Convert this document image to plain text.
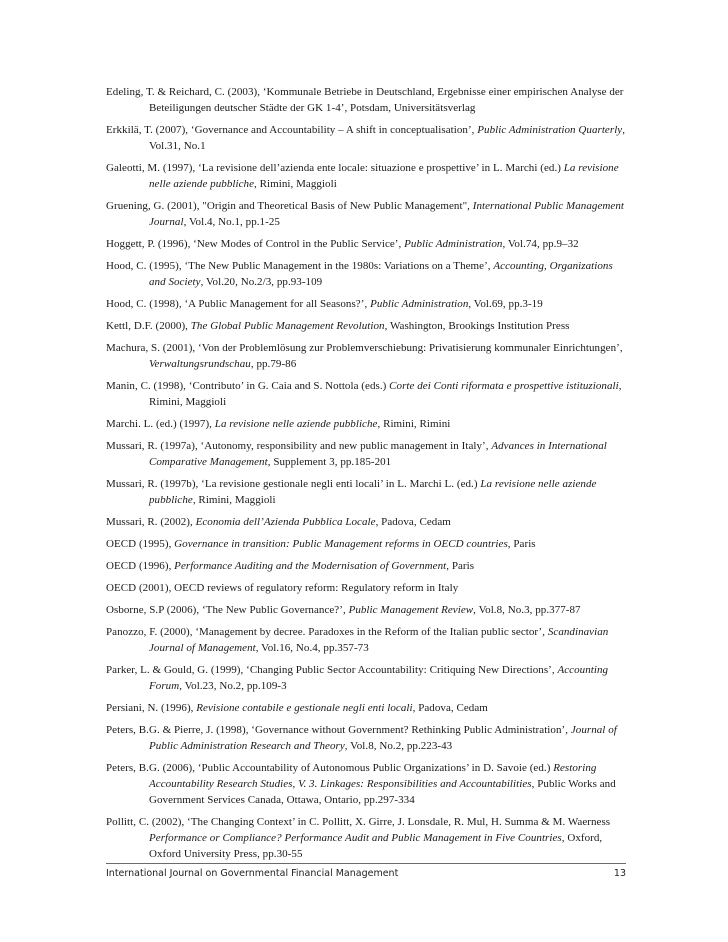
Edeling, T. & Reichard, C. (2003), ‘Kommunale Betriebe in Deutschland, Ergebnisse einer empirischen Analyse der Beteiligungen deutscher Städte der GK 1-4’, Potsdam, Universitätsverlag

Erkkilä, T. (2007), ‘Governance and Accountability – A shift in conceptualisation’, Public Administration Quarterly, Vol.31, No.1

Galeotti, M. (1997), ‘La revisione dell’azienda ente locale: situazione e prospettive’ in L. Marchi (ed.) La revisione nelle aziende pubbliche, Rimini, Maggioli

Gruening, G. (2001), "Origin and Theoretical Basis of New Public Management", International Public Management Journal, Vol.4, No.1, pp.1-25

Hoggett, P. (1996), ‘New Modes of Control in the Public Service’, Public Administration, Vol.74, pp.9–32

Hood, C. (1995), ‘The New Public Management in the 1980s: Variations on a Theme’, Accounting, Organizations and Society, Vol.20, No.2/3, pp.93-109

Hood, C. (1998), ‘A Public Management for all Seasons?’, Public Administration, Vol.69, pp.3-19

Kettl, D.F. (2000), The Global Public Management Revolution, Washington, Brookings Institution Press

Machura, S. (2001), ‘Von der Problemlösung zur Problemverschiebung: Privatisierung kommunaler Einrichtungen’, Verwaltungsrundschau, pp.79-86

Manin, C. (1998), ‘Contributo’ in G. Caia and S. Nottola (eds.) Corte dei Conti riformata e prospettive istituzionali, Rimini, Maggioli

Marchi. L. (ed.) (1997), La revisione nelle aziende pubbliche, Rimini, Rimini

Mussari, R. (1997a), ‘Autonomy, responsibility and new public management in Italy’, Advances in International Comparative Management, Supplement 3, pp.185-201

Mussari, R. (1997b), ‘La revisione gestionale negli enti locali’ in L. Marchi L. (ed.) La revisione nelle aziende pubbliche, Rimini, Maggioli

Mussari, R. (2002), Economia dell’Azienda Pubblica Locale, Padova, Cedam

OECD (1995), Governance in transition: Public Management reforms in OECD countries, Paris

OECD (1996), Performance Auditing and the Modernisation of Government, Paris

OECD (2001), OECD reviews of regulatory reform: Regulatory reform in Italy

Osborne, S.P (2006), ‘The New Public Governance?’, Public Management Review, Vol.8, No.3, pp.377-87

Panozzo, F. (2000), ‘Management by decree. Paradoxes in the Reform of the Italian public sector’, Scandinavian Journal of Management, Vol.16, No.4, pp.357-73

Parker, L. & Gould, G. (1999), ‘Changing Public Sector Accountability: Critiquing New Directions’, Accounting Forum, Vol.23, No.2, pp.109-3

Persiani, N. (1996), Revisione contabile e gestionale negli enti locali, Padova, Cedam

Peters, B.G. & Pierre, J. (1998), ‘Governance without Government? Rethinking Public Administration’, Journal of Public Administration Research and Theory, Vol.8, No.2, pp.223-43

Peters, B.G. (2006), ‘Public Accountability of Autonomous Public Organizations’ in D. Savoie (ed.) Restoring Accountability Research Studies, V. 3. Linkages: Responsibilities and Accountabilities, Public Works and Government Services Canada, Ottawa, Ontario, pp.297-334

Pollitt, C. (2002), ‘The Changing Context’ in C. Pollitt, X. Girre, J. Lonsdale, R. Mul, H. Summa & M. Waerness Performance or Compliance? Performance Audit and Public Management in Five Countries, Oxford, Oxford University Press, pp.30-55

International Journal on Governmental Financial Management	13
